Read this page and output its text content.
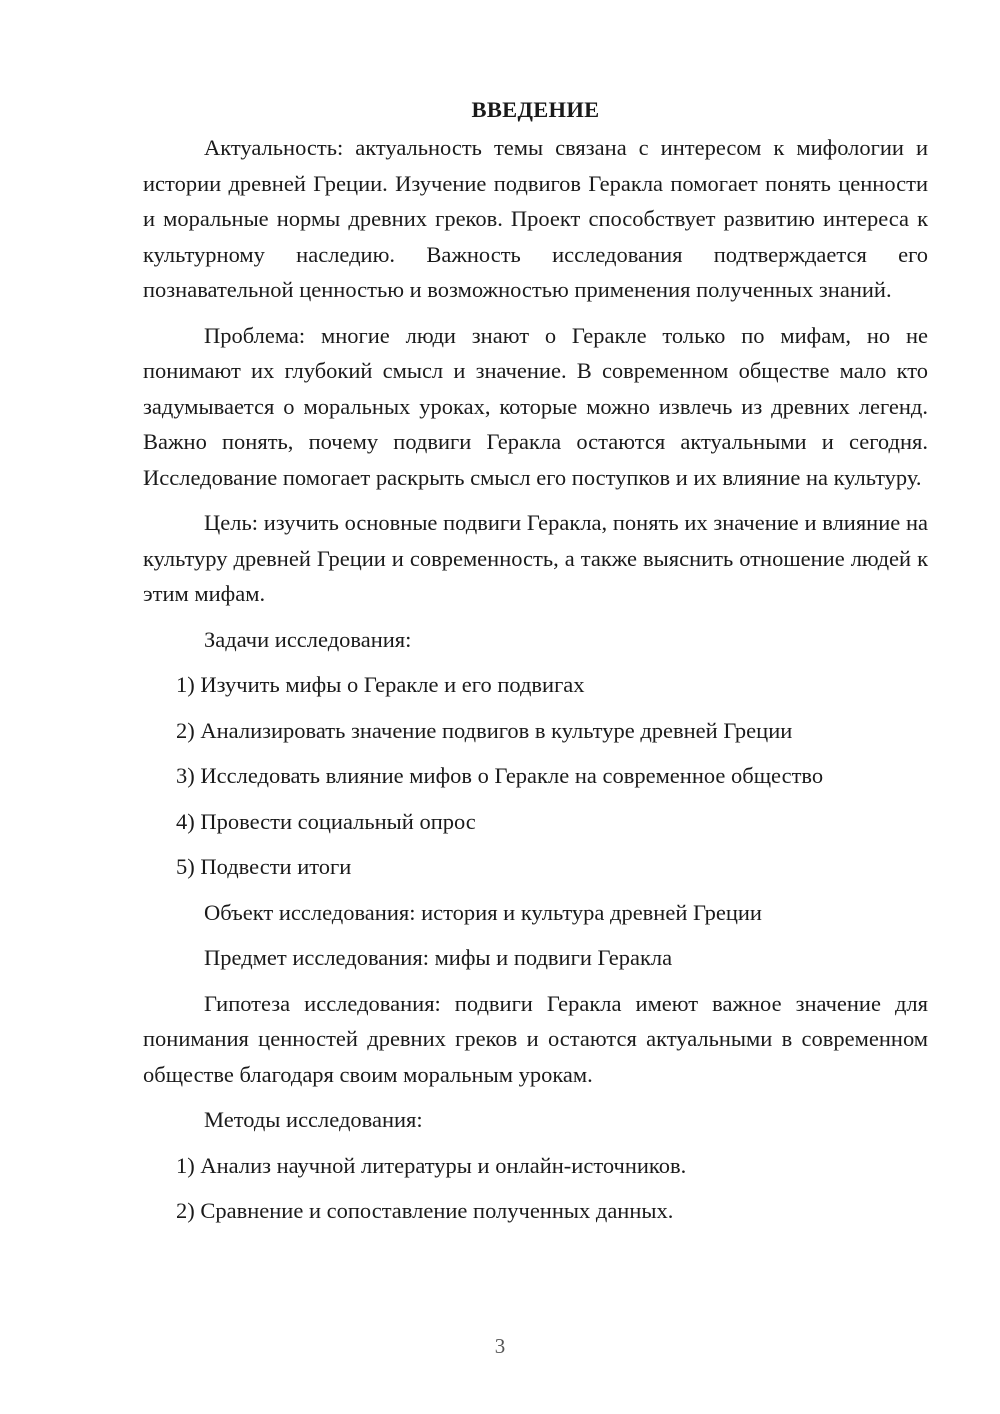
ВВЕДЕНИЕ

Актуальность: актуальность темы связана с интересом к мифологии и истории древней Греции. Изучение подвигов Геракла помогает понять ценности и моральные нормы древних греков. Проект способствует развитию интереса к культурному наследию. Важность исследования подтверждается его познавательной ценностью и возможностью применения полученных знаний.

Проблема: многие люди знают о Геракле только по мифам, но не понимают их глубокий смысл и значение. В современном обществе мало кто задумывается о моральных уроках, которые можно извлечь из древних легенд. Важно понять, почему подвиги Геракла остаются актуальными и сегодня. Исследование помогает раскрыть смысл его поступков и их влияние на культуру.

Цель: изучить основные подвиги Геракла, понять их значение и влияние на культуру древней Греции и современность, а также выяснить отношение людей к этим мифам.

Задачи исследования:
1) Изучить мифы о Геракле и его подвигах
2) Анализировать значение подвигов в культуре древней Греции
3) Исследовать влияние мифов о Геракле на современное общество
4) Провести социальный опрос
5) Подвести итоги
Объект исследования: история и культура древней Греции
Предмет исследования: мифы и подвиги Геракла

Гипотеза исследования: подвиги Геракла имеют важное значение для понимания ценностей древних греков и остаются актуальными в современном обществе благодаря своим моральным урокам.

Методы исследования:
1) Анализ научной литературы и онлайн-источников.
2) Сравнение и сопоставление полученных данных.
3
